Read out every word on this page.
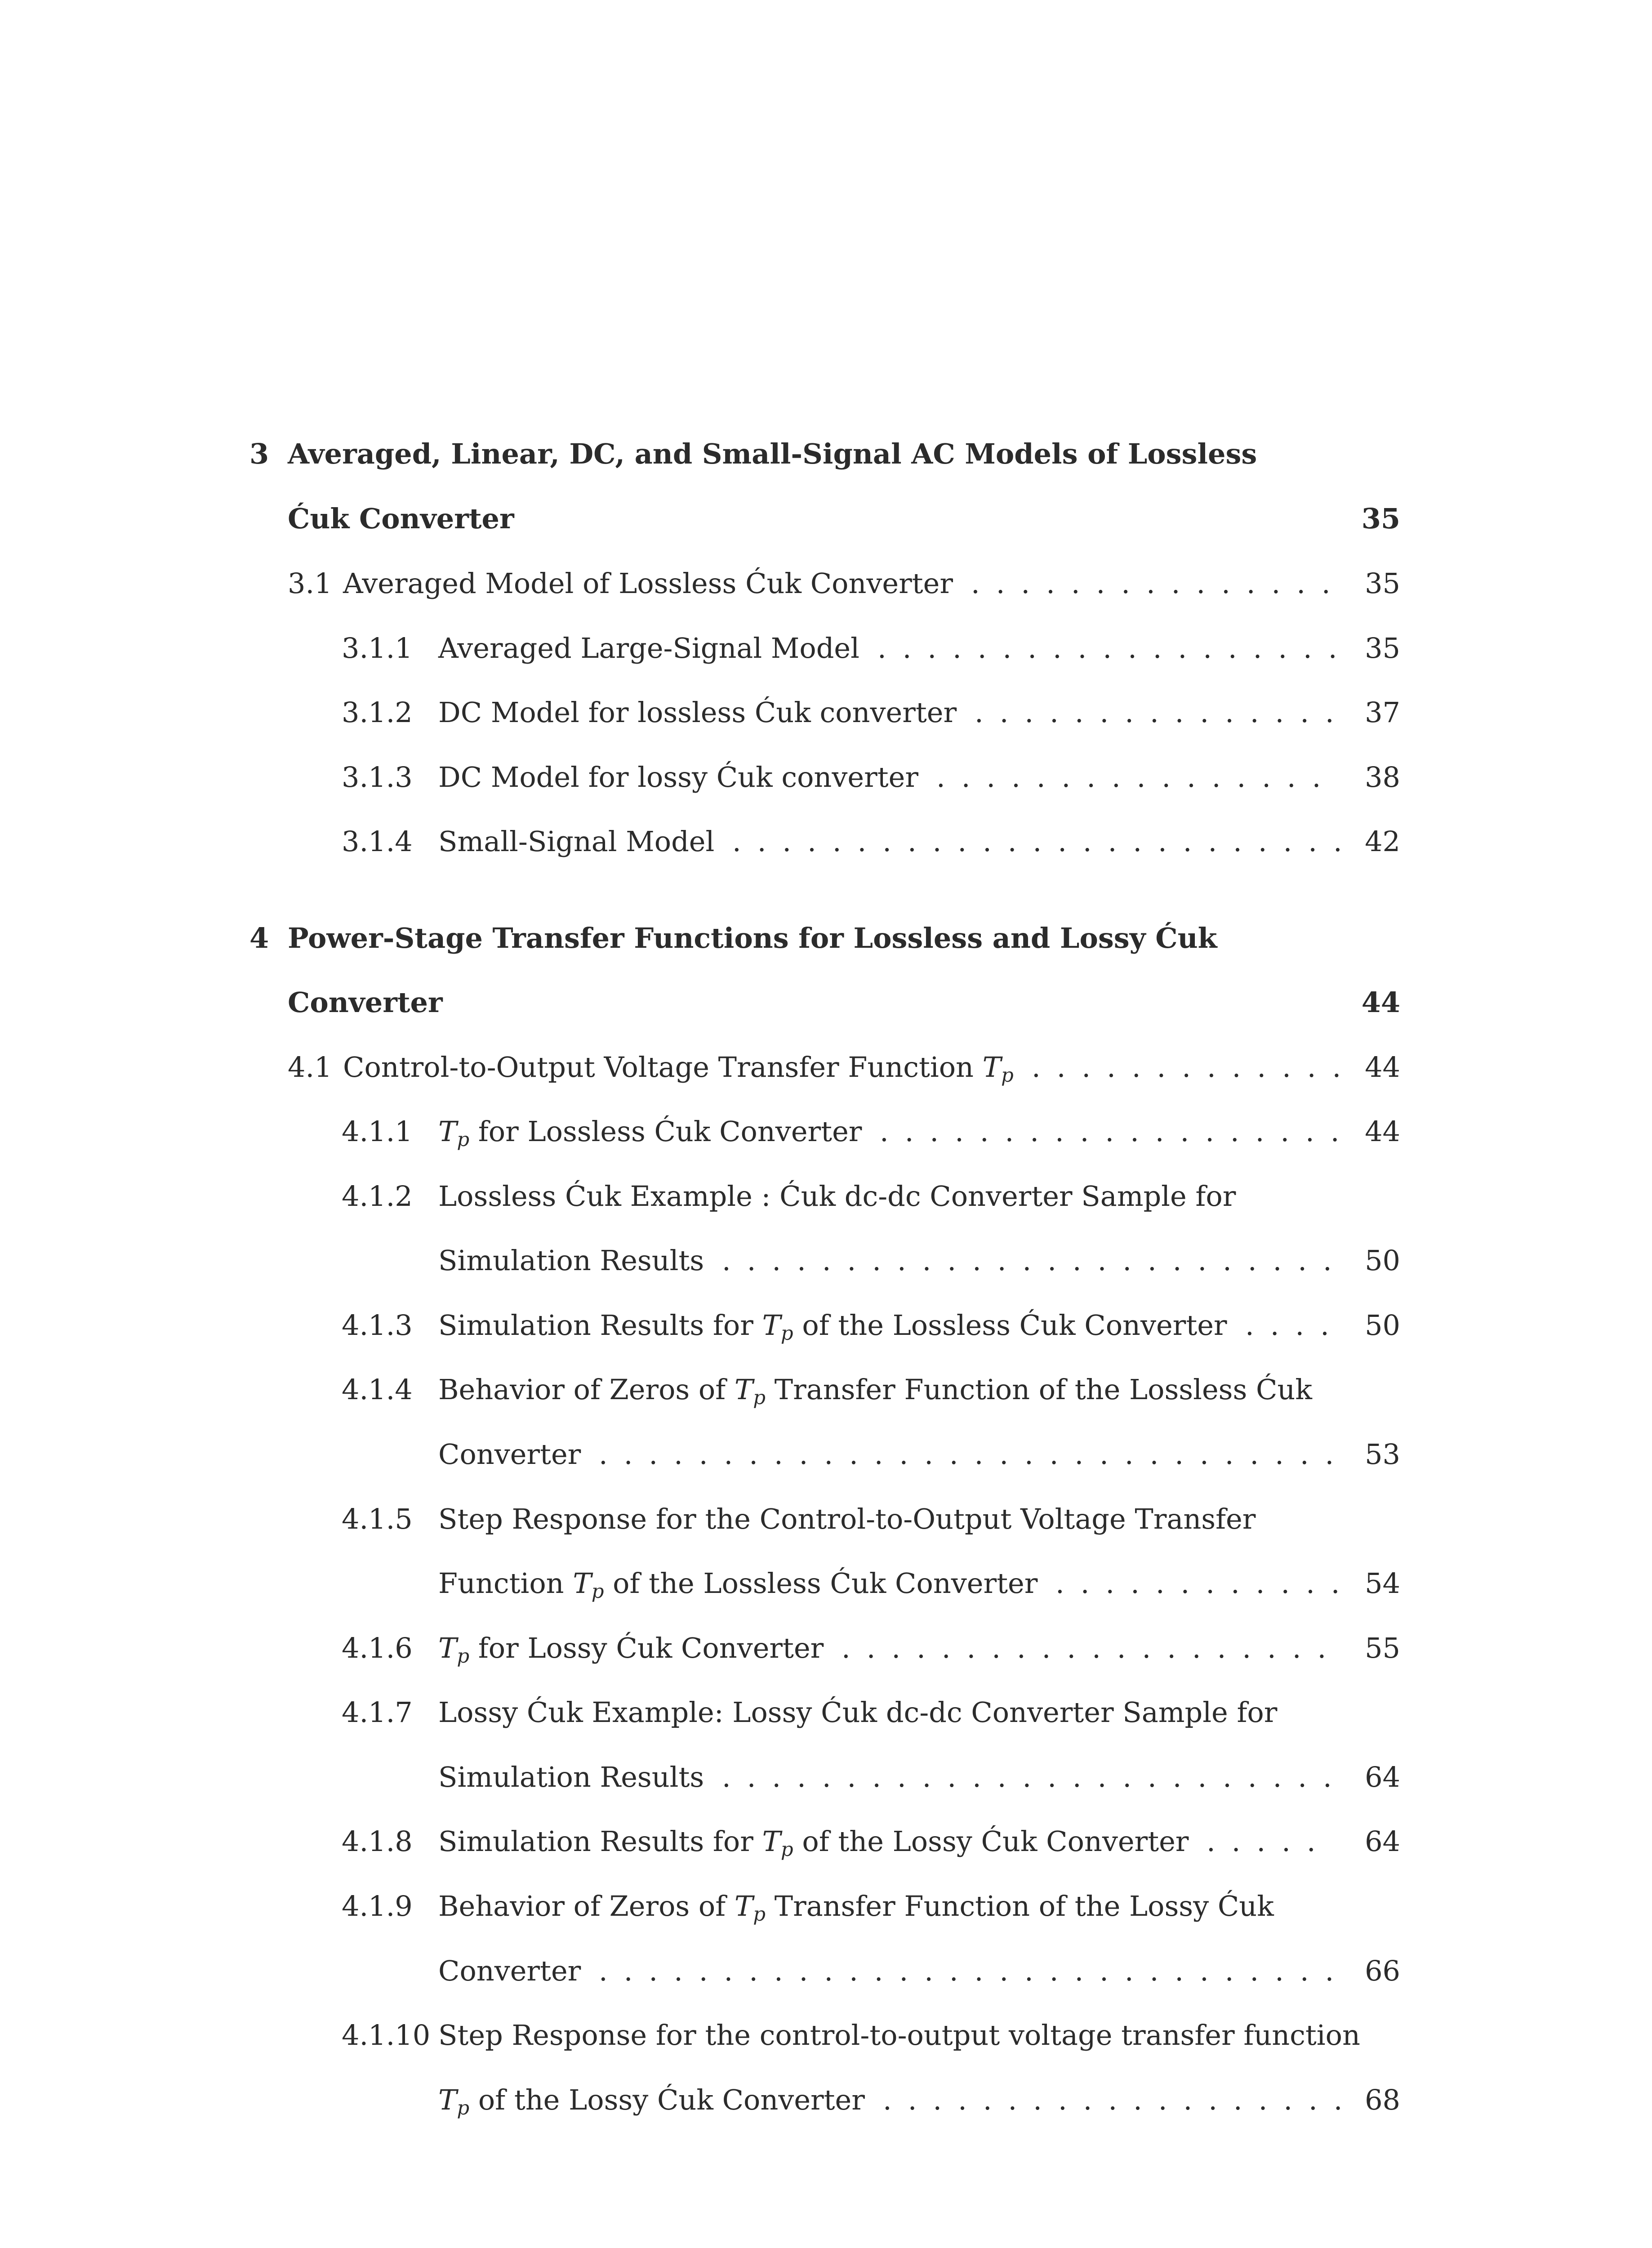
3 Averaged, Linear, DC, and Small-Signal AC Models of Lossless
Ćuk Converter	35
3.1 Averaged Model of Lossless Ćuk Converter ............... 35
3.1.1 Averaged Large-Signal Model ................... 35
3.1.2 DC Model for lossless Ćuk converter ............... 37
3.1.3 DC Model for lossy Ćuk converter ................ 38
3.1.4 Small-Signal Model ......................... 42
4 Power-Stage Transfer Functions for Lossless and Lossy Ćuk
Converter	44
4.1 Control-to-Output Voltage Transfer Function $T_p$ ............. 44
4.1.1 $T_p$ for Lossless Ćuk Converter ................... 44
4.1.2 Lossless Ćuk Example : Ćuk dc-dc Converter Sample for
Simulation Results ......................... 50
4.1.3 Simulation Results for $T_p$ of the Lossless Ćuk Converter .... 50
4.1.4 Behavior of Zeros of $T_p$ Transfer Function of the Lossless Ćuk
Converter .............................. 53
4.1.5 Step Response for the Control-to-Output Voltage Transfer
Function $T_p$ of the Lossless Ćuk Converter ............ 54
4.1.6 $T_p$ for Lossy Ćuk Converter .................... 55
4.1.7 Lossy Ćuk Example: Lossy Ćuk dc-dc Converter Sample for
Simulation Results ......................... 64
4.1.8 Simulation Results for $T_p$ of the Lossy Ćuk Converter ..... 64
4.1.9 Behavior of Zeros of $T_p$ Transfer Function of the Lossy Ćuk
Converter .............................. 66
4.1.10 Step Response for the control-to-output voltage transfer function
$T_p$ of the Lossy Ćuk Converter ................... 68
